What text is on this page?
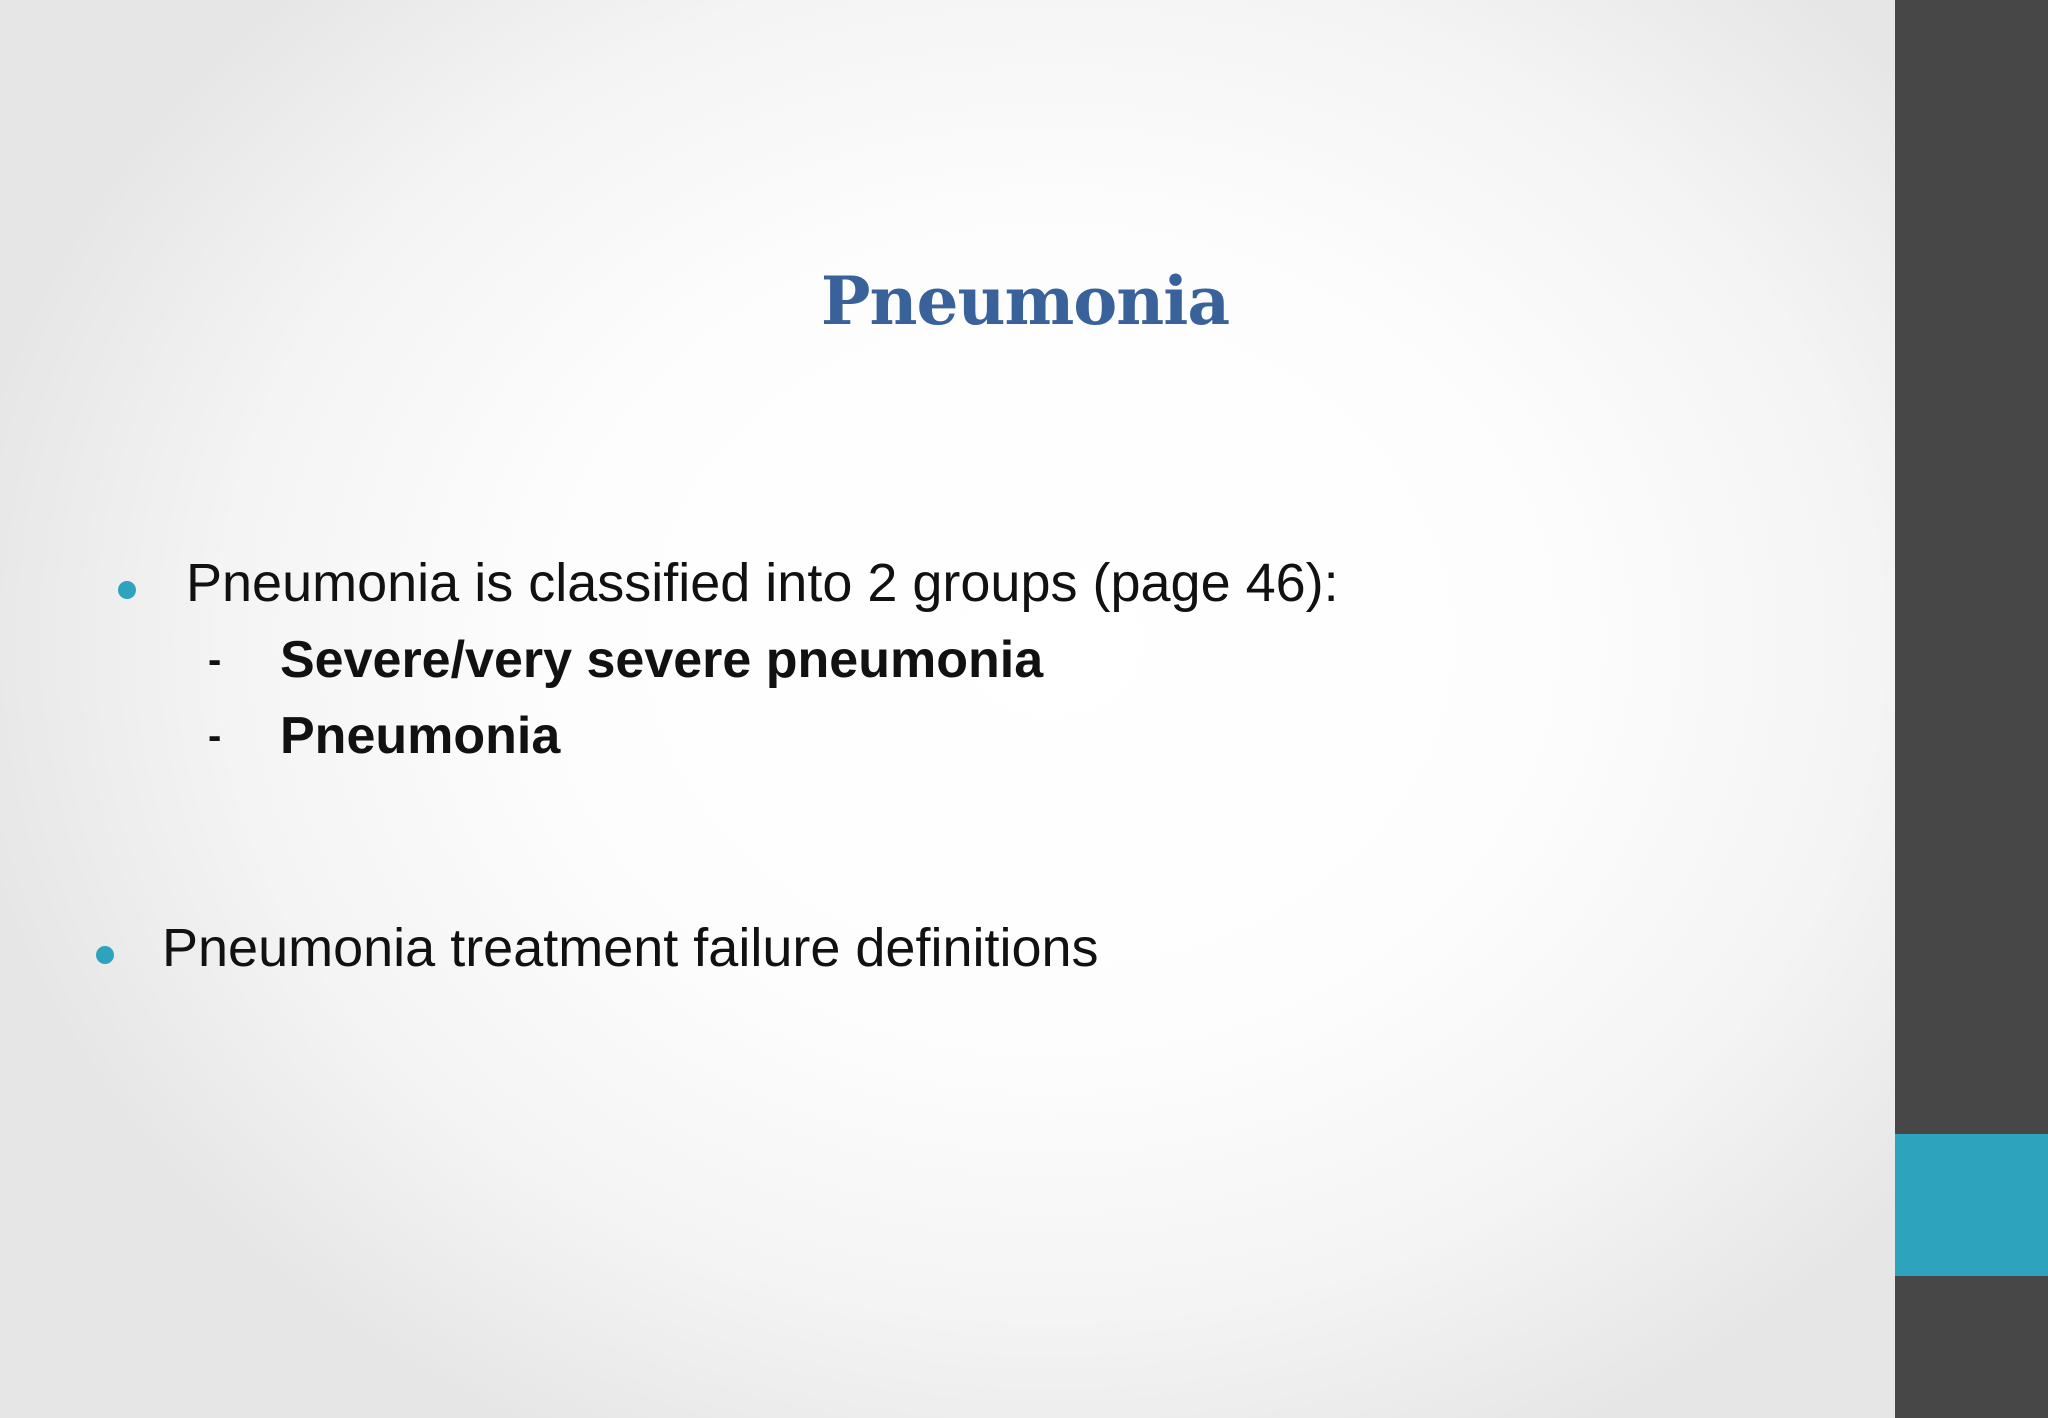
Pneumonia
Pneumonia is classified into 2 groups (page 46):
- Severe/very severe pneumonia
- Pneumonia
Pneumonia treatment failure definitions
